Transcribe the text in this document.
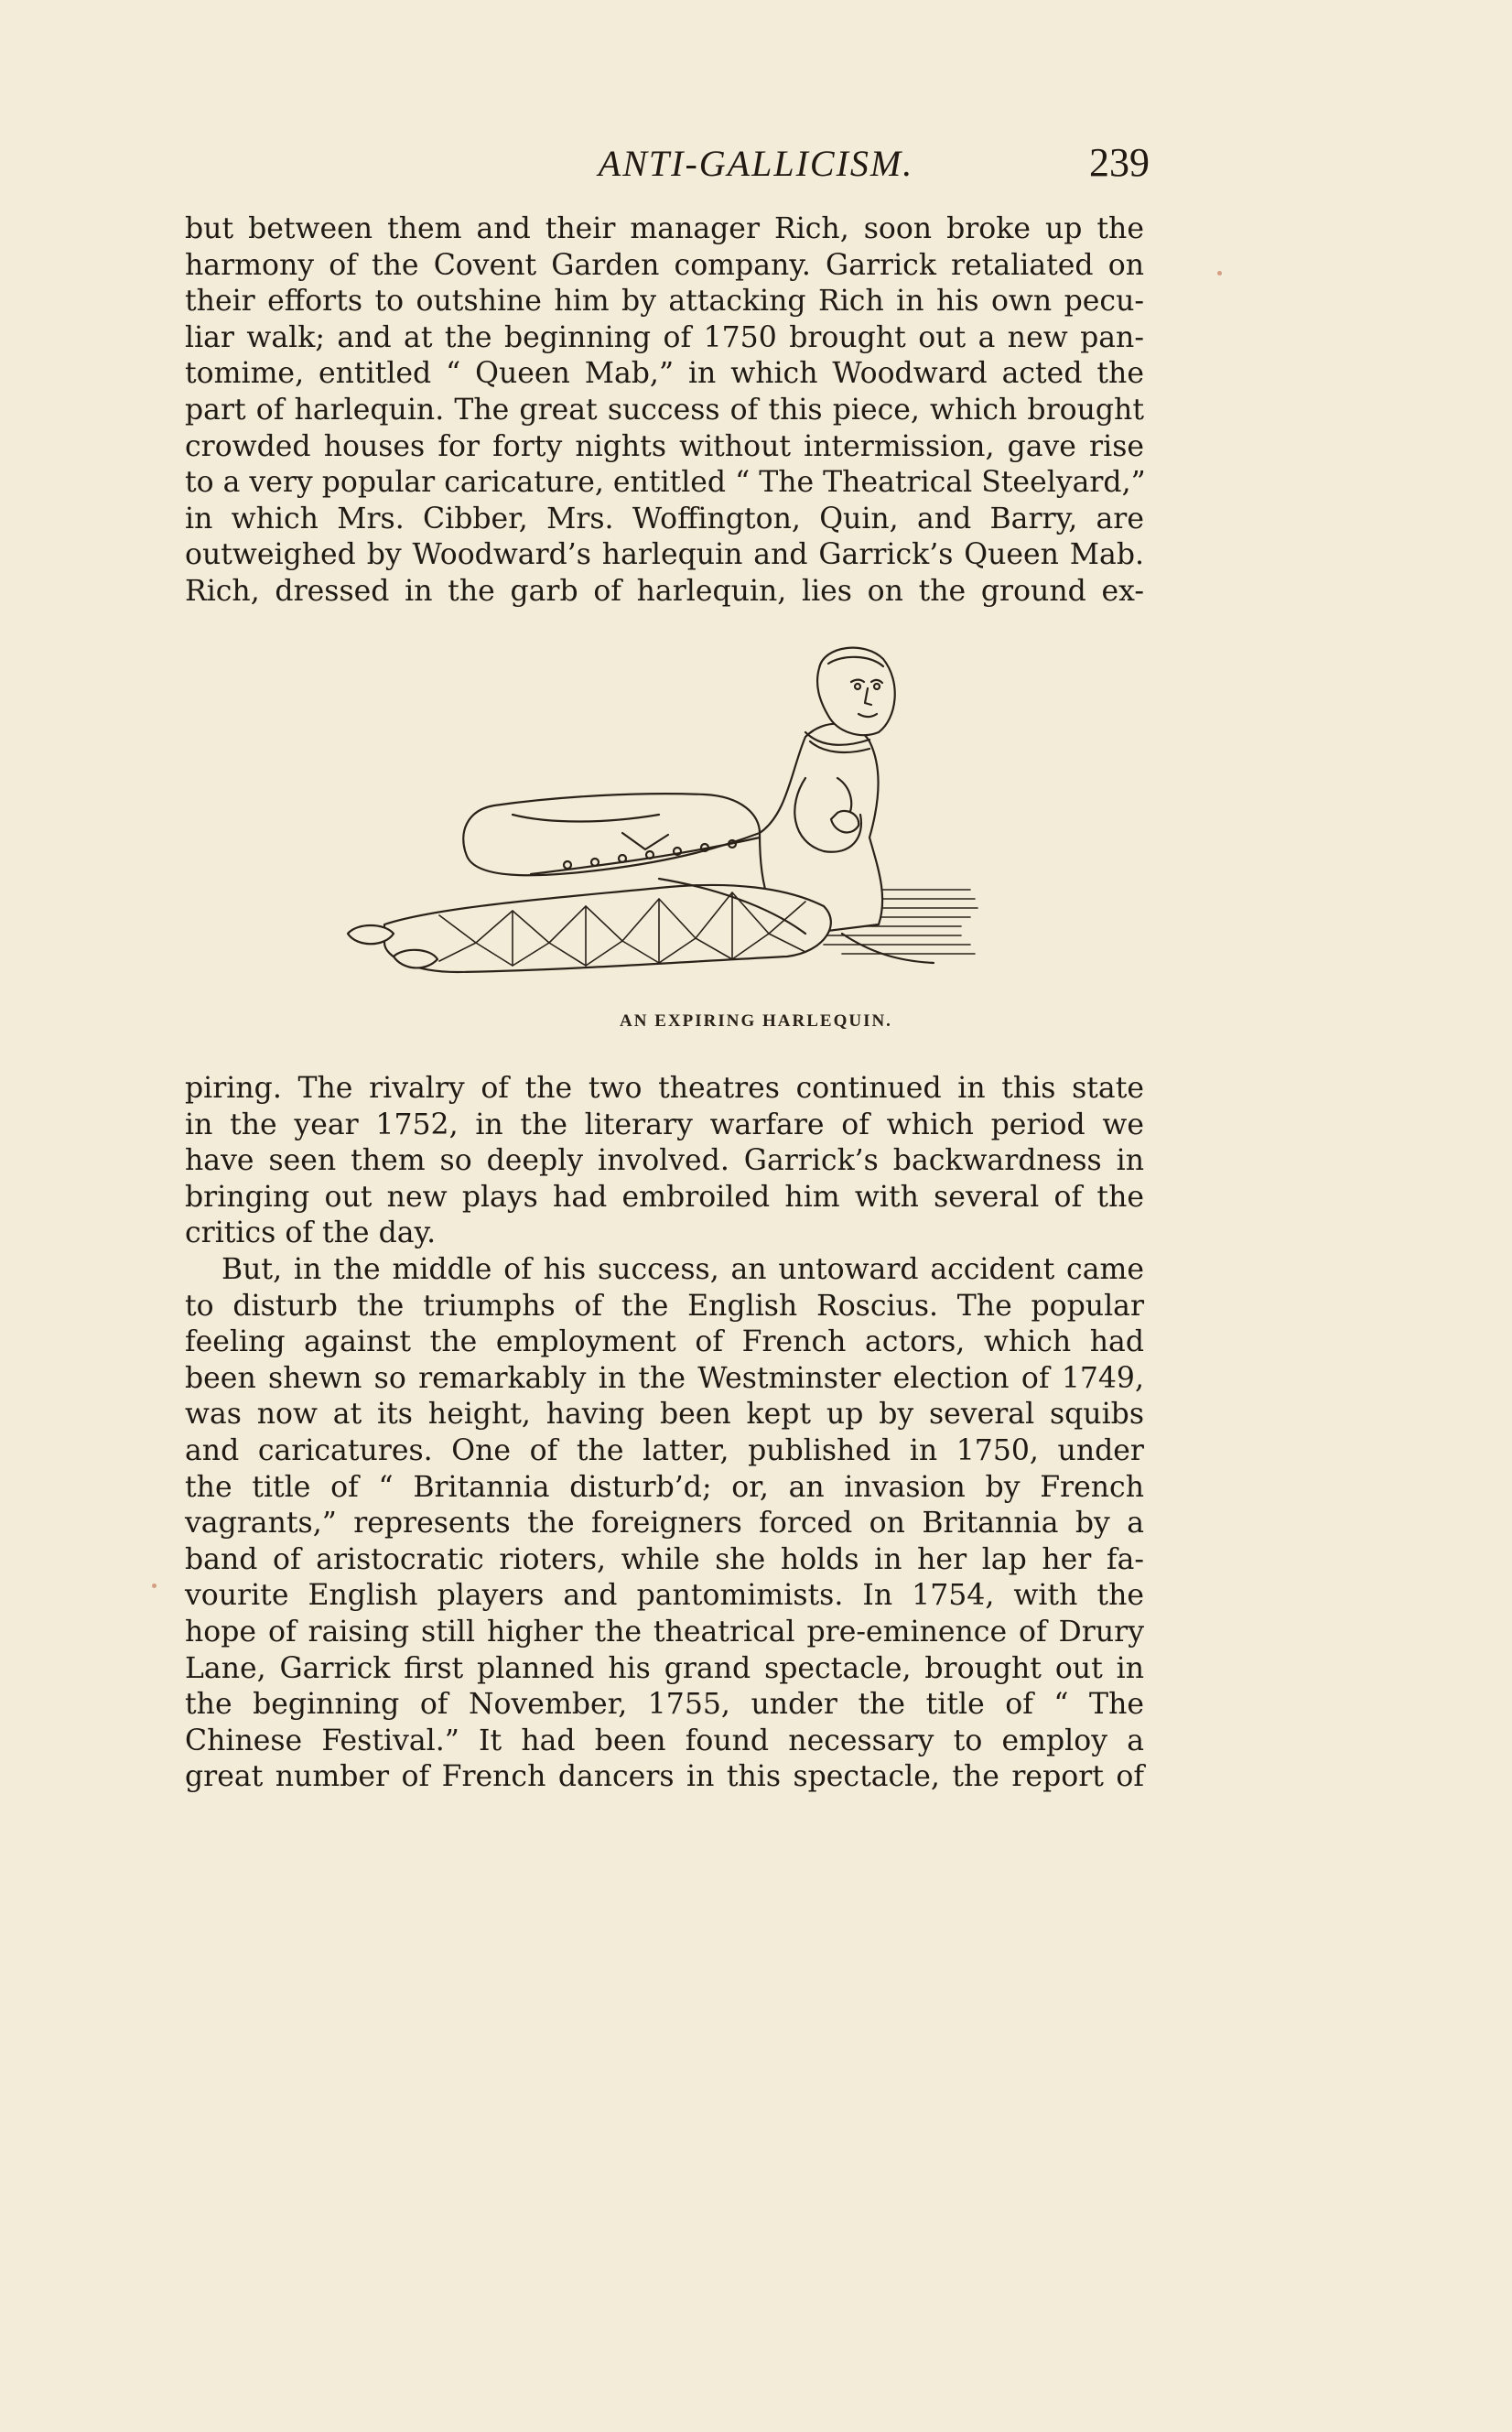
ANTI-GALLICISM.	239
but between them and their manager Rich, soon broke up the
harmony of the Covent Garden company. Garrick retaliated on
their efforts to outshine him by attacking Rich in his own pecu-
liar walk; and at the beginning of 1750 brought out a new pan-
tomime, entitled “ Queen Mab,” in which Woodward acted the
part of harlequin. The great success of this piece, which brought
crowded houses for forty nights without intermission, gave rise
to a very popular caricature, entitled “ The Theatrical Steelyard,”
in which Mrs. Cibber, Mrs. Woffington, Quin, and Barry, are
outweighed by Woodward’s harlequin and Garrick’s Queen Mab.
Rich, dressed in the garb of harlequin, lies on the ground ex-
AN EXPIRING HARLEQUIN.
piring. The rivalry of the two theatres continued in this state
in the year 1752, in the literary warfare of which period we
have seen them so deeply involved. Garrick’s backwardness in
bringing out new plays had embroiled him with several of the
critics of the day.
But, in the middle of his success, an untoward accident came
to disturb the triumphs of the English Roscius. The popular
feeling against the employment of French actors, which had
been shewn so remarkably in the Westminster election of 1749,
was now at its height, having been kept up by several squibs
and caricatures. One of the latter, published in 1750, under
the title of “ Britannia disturb’d; or, an invasion by French
vagrants,” represents the foreigners forced on Britannia by a
band of aristocratic rioters, while she holds in her lap her fa-
vourite English players and pantomimists. In 1754, with the
hope of raising still higher the theatrical pre-eminence of Drury
Lane, Garrick first planned his grand spectacle, brought out in
the beginning of November, 1755, under the title of “ The
Chinese Festival.” It had been found necessary to employ a
great number of French dancers in this spectacle, the report of
